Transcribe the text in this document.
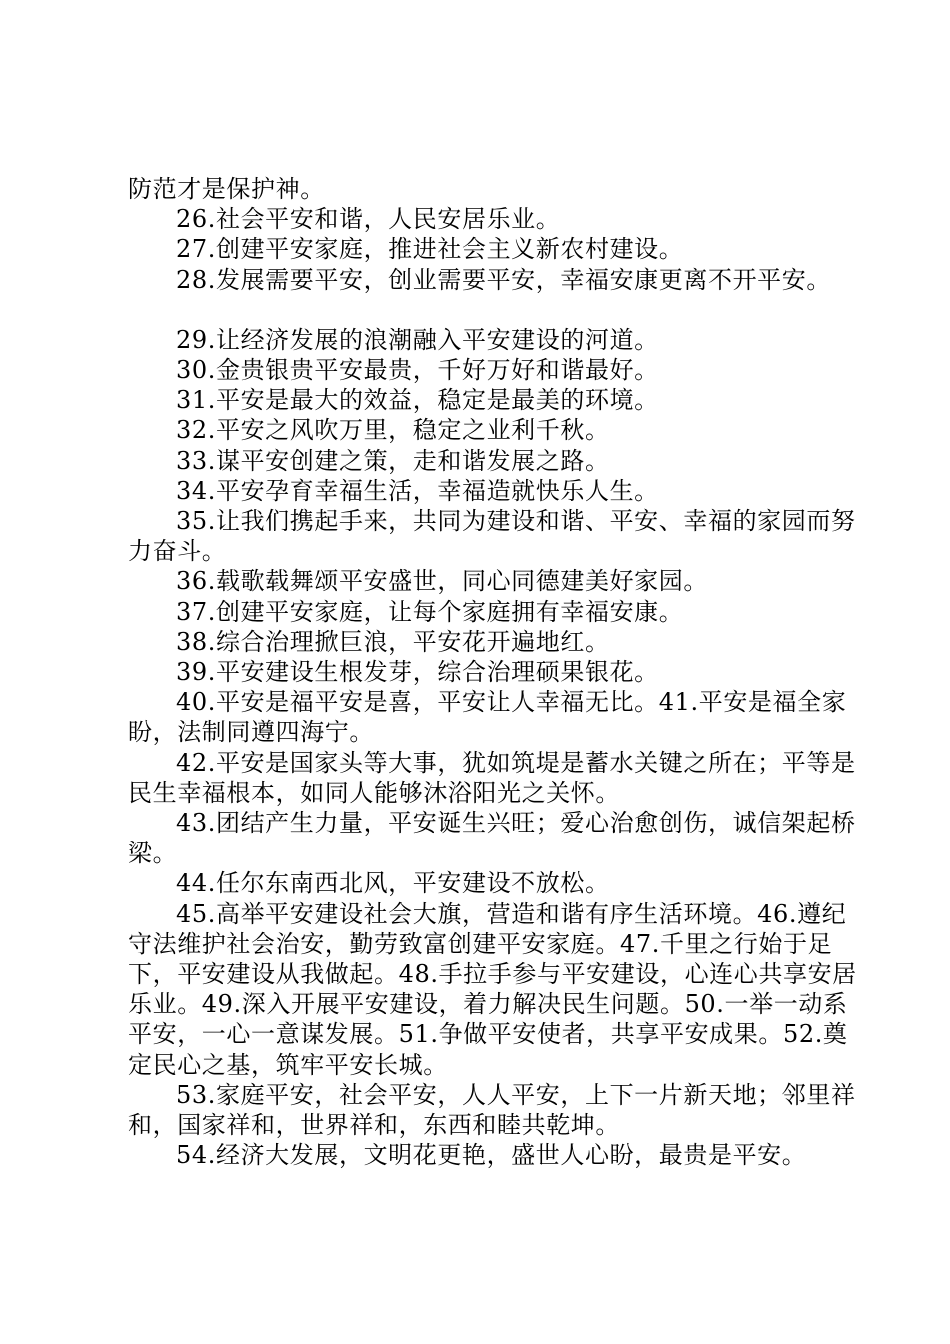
防范才是保护神。

26.社会平安和谐，人民安居乐业。

27.创建平安家庭，推进社会主义新农村建设。

28.发展需要平安，创业需要平安，幸福安康更离不开平安。

29.让经济发展的浪潮融入平安建设的河道。

30.金贵银贵平安最贵，千好万好和谐最好。

31.平安是最大的效益，稳定是最美的环境。

32.平安之风吹万里，稳定之业利千秋。

33.谋平安创建之策，走和谐发展之路。

34.平安孕育幸福生活，幸福造就快乐人生。

35.让我们携起手来，共同为建设和谐、平安、幸福的家园而努力奋斗。

36.载歌载舞颂平安盛世，同心同德建美好家园。

37.创建平安家庭，让每个家庭拥有幸福安康。

38.综合治理掀巨浪，平安花开遍地红。

39.平安建设生根发芽，综合治理硕果银花。

40.平安是福平安是喜，平安让人幸福无比。41.平安是福全家盼，法制同遵四海宁。

42.平安是国家头等大事，犹如筑堤是蓄水关键之所在；平等是民生幸福根本，如同人能够沐浴阳光之关怀。

43.团结产生力量，平安诞生兴旺；爱心治愈创伤，诚信架起桥梁。

44.任尔东南西北风，平安建设不放松。

45.高举平安建设社会大旗，营造和谐有序生活环境。46.遵纪守法维护社会治安，勤劳致富创建平安家庭。47.千里之行始于足下，平安建设从我做起。48.手拉手参与平安建设，心连心共享安居乐业。49.深入开展平安建设，着力解决民生问题。50.一举一动系平安，一心一意谋发展。51.争做平安使者，共享平安成果。52.奠定民心之基，筑牢平安长城。

53.家庭平安，社会平安，人人平安，上下一片新天地；邻里祥和，国家祥和，世界祥和，东西和睦共乾坤。

54.经济大发展，文明花更艳，盛世人心盼，最贵是平安。
